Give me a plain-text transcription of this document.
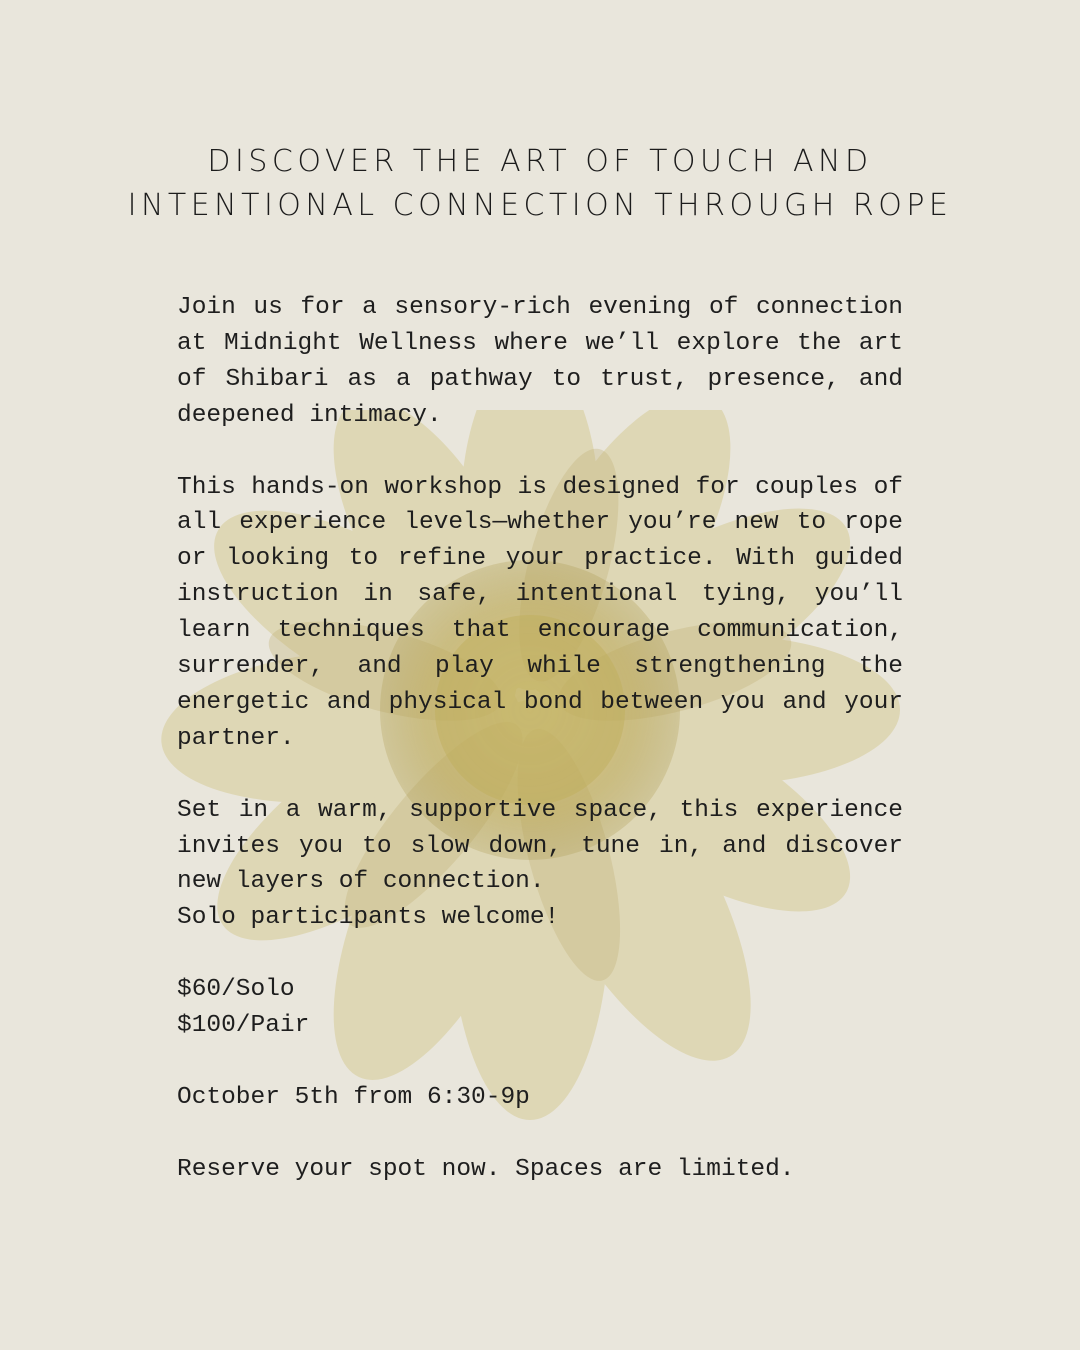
DISCOVER THE ART OF TOUCH AND
INTENTIONAL CONNECTION THROUGH ROPE

Join us for a sensory-rich evening of connection at Midnight Wellness where we’ll explore the art of Shibari as a pathway to trust, presence, and deepened intimacy.

This hands-on workshop is designed for couples of all experience levels—whether you’re new to rope or looking to refine your practice. With guided instruction in safe, intentional tying, you’ll learn techniques that encourage communication, surrender, and play while strengthening the energetic and physical bond between you and your partner.

Set in a warm, supportive space, this experience invites you to slow down, tune in, and discover new layers of connection.

Solo participants welcome!

$60/Solo

$100/Pair

October 5th from 6:30-9p

Reserve your spot now. Spaces are limited.
